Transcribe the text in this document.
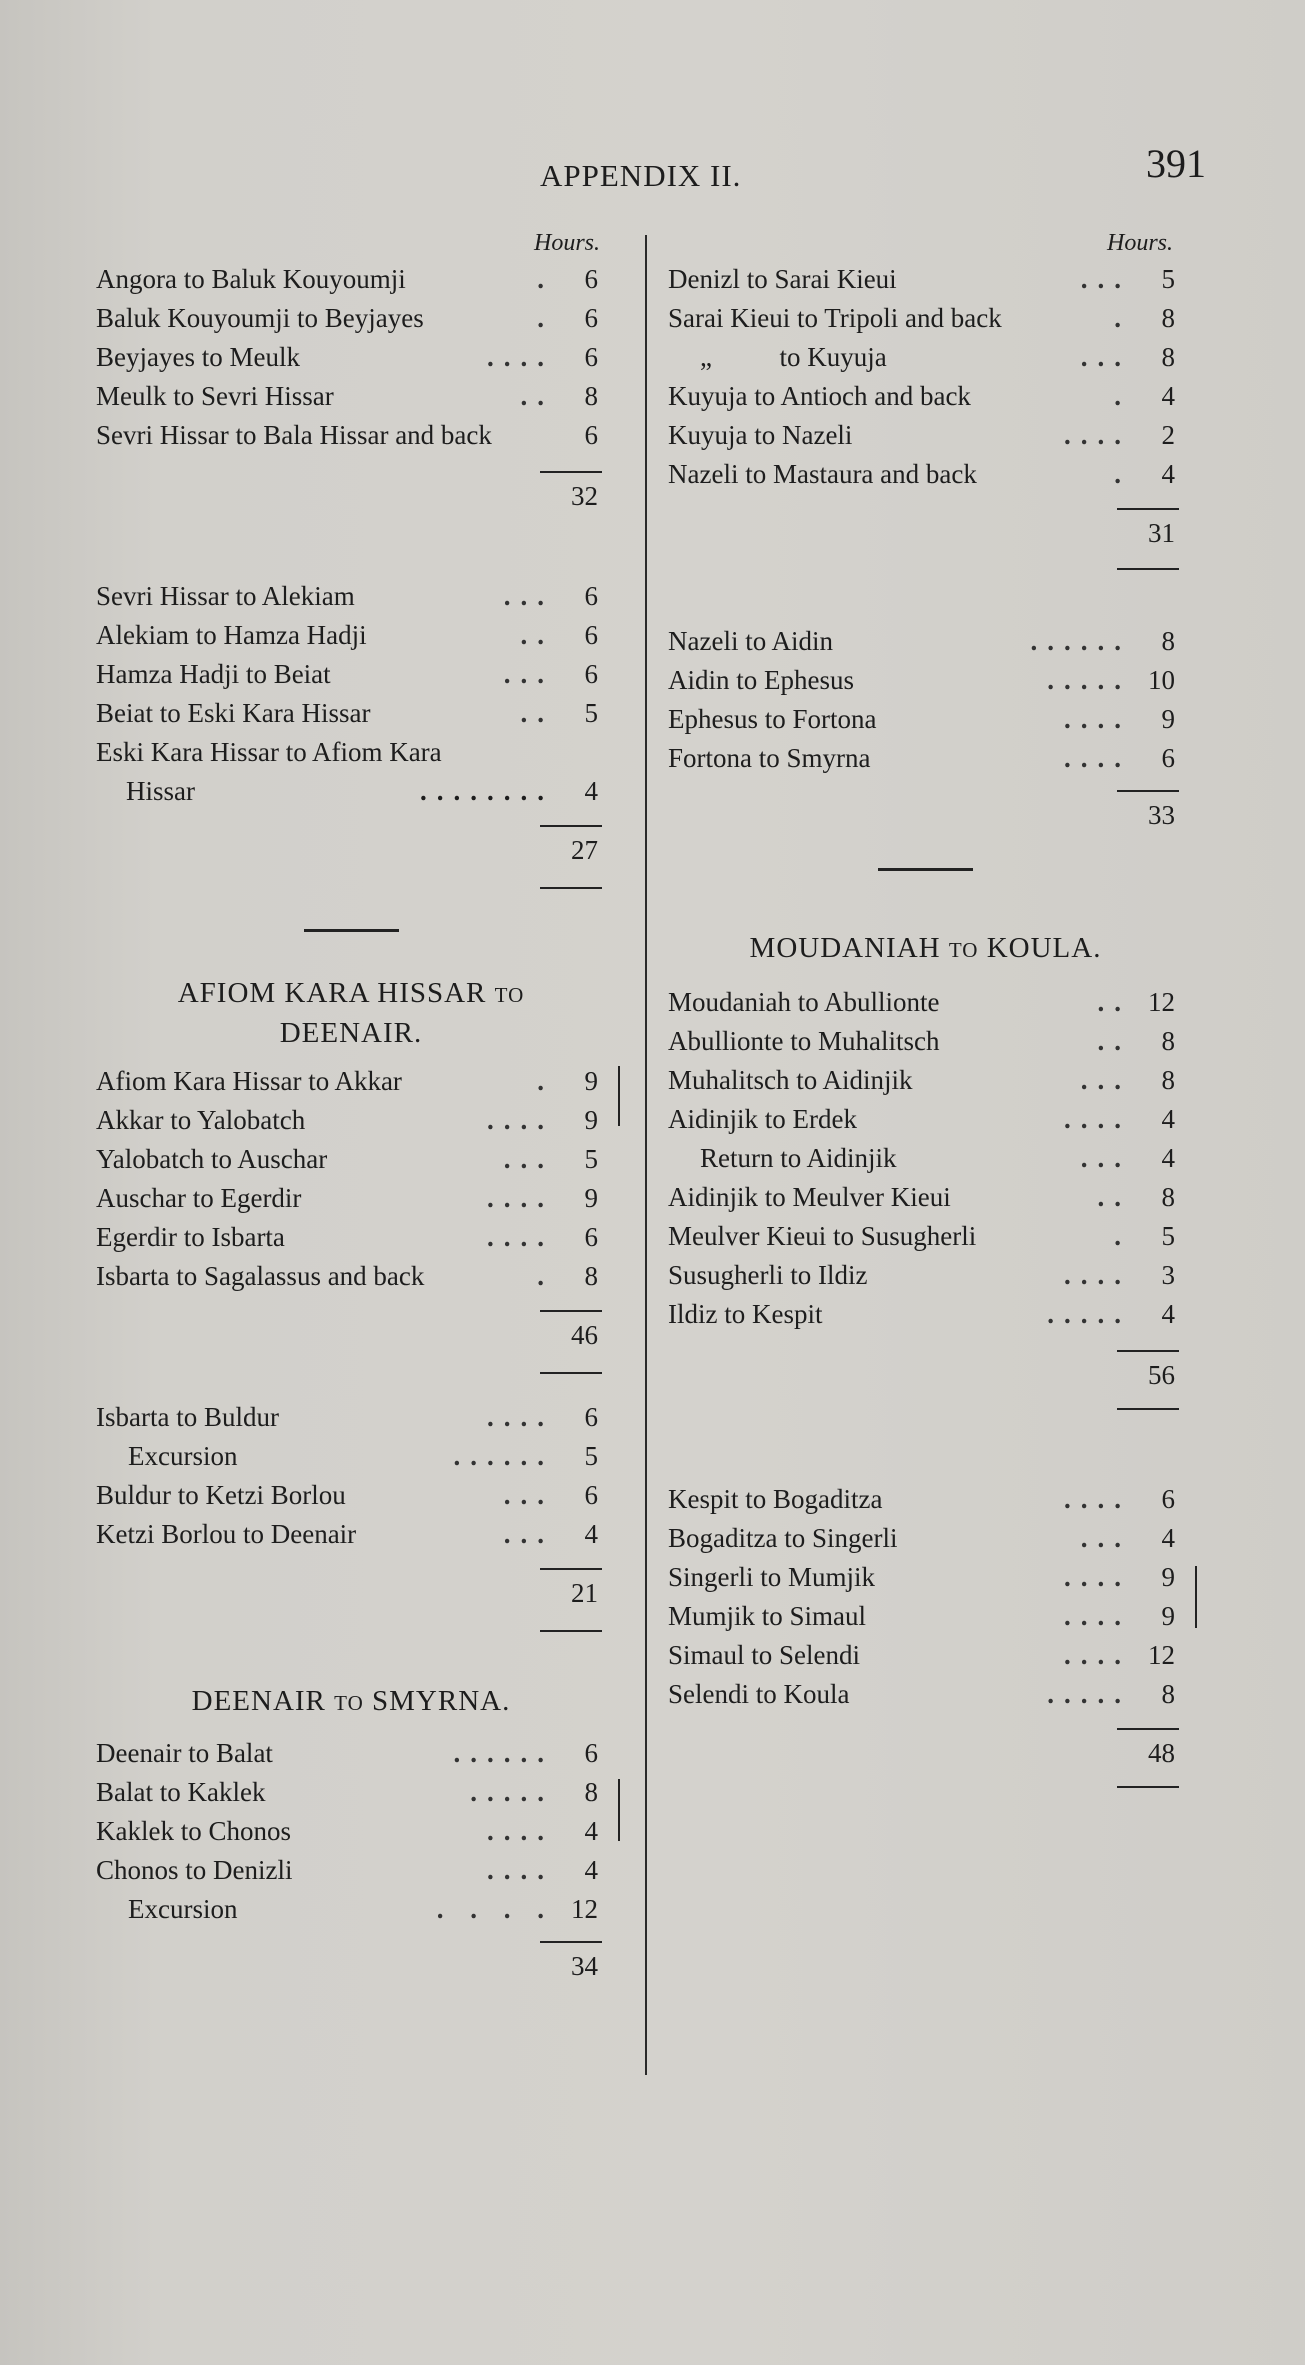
APPENDIX II.	391
Hours.
Angora to Baluk Kouyoumji	.	6
Baluk Kouyoumji to Beyjayes	.	6
Beyjayes to Meulk	....	6
Meulk to Sevri Hissar	..	8
Sevri Hissar to Bala Hissar and back	6
32
Sevri Hissar to Alekiam	...	6
Alekiam to Hamza Hadji	..	6
Hamza Hadji to Beiat	...	6
Beiat to Eski Kara Hissar	..	5
Eski Kara Hissar to Afiom Kara
Hissar	........	4
27
AFIOM KARA HISSAR TO
DEENAIR.
Afiom Kara Hissar to Akkar	.	9
Akkar to Yalobatch	....	9
Yalobatch to Auschar	...	5
Auschar to Egerdir	....	9
Egerdir to Isbarta	....	6
Isbarta to Sagalassus and back	.	8
46
Isbarta to Buldur	....	6
Excursion	......	5
Buldur to Ketzi Borlou	...	6
Ketzi Borlou to Deenair	...	4
21
DEENAIR TO SMYRNA.
Deenair to Balat	......	6
Balat to Kaklek	.....	8
Kaklek to Chonos	....	4
Chonos to Denizli	....	4
Excursion	. . . . 12
34
Hours.
Denizl to Sarai Kieui	...	5
Sarai Kieui to Tripoli and back	.	8
„          to Kuyuja	...	8
Kuyuja to Antioch and back	.	4
Kuyuja to Nazeli	....	2
Nazeli to Mastaura and back	.	4
31
Nazeli to Aidin	......	8
Aidin to Ephesus	..... 10
Ephesus to Fortona	....	9
Fortona to Smyrna	....	6
33
MOUDANIAH TO KOULA.
Moudaniah to Abullionte	.. 12
Abullionte to Muhalitsch	..	8
Muhalitsch to Aidinjik	...	8
Aidinjik to Erdek	....	4
Return to Aidinjik	...	4
Aidinjik to Meulver Kieui	..	8
Meulver Kieui to Susugherli	.	5
Susugherli to Ildiz	....	3
Ildiz to Kespit	.....	4
56
Kespit to Bogaditza	....	6
Bogaditza to Singerli	...	4
Singerli to Mumjik	....	9
Mumjik to Simaul	....	9
Simaul to Selendi	.... 12
Selendi to Koula	.....	8
48
